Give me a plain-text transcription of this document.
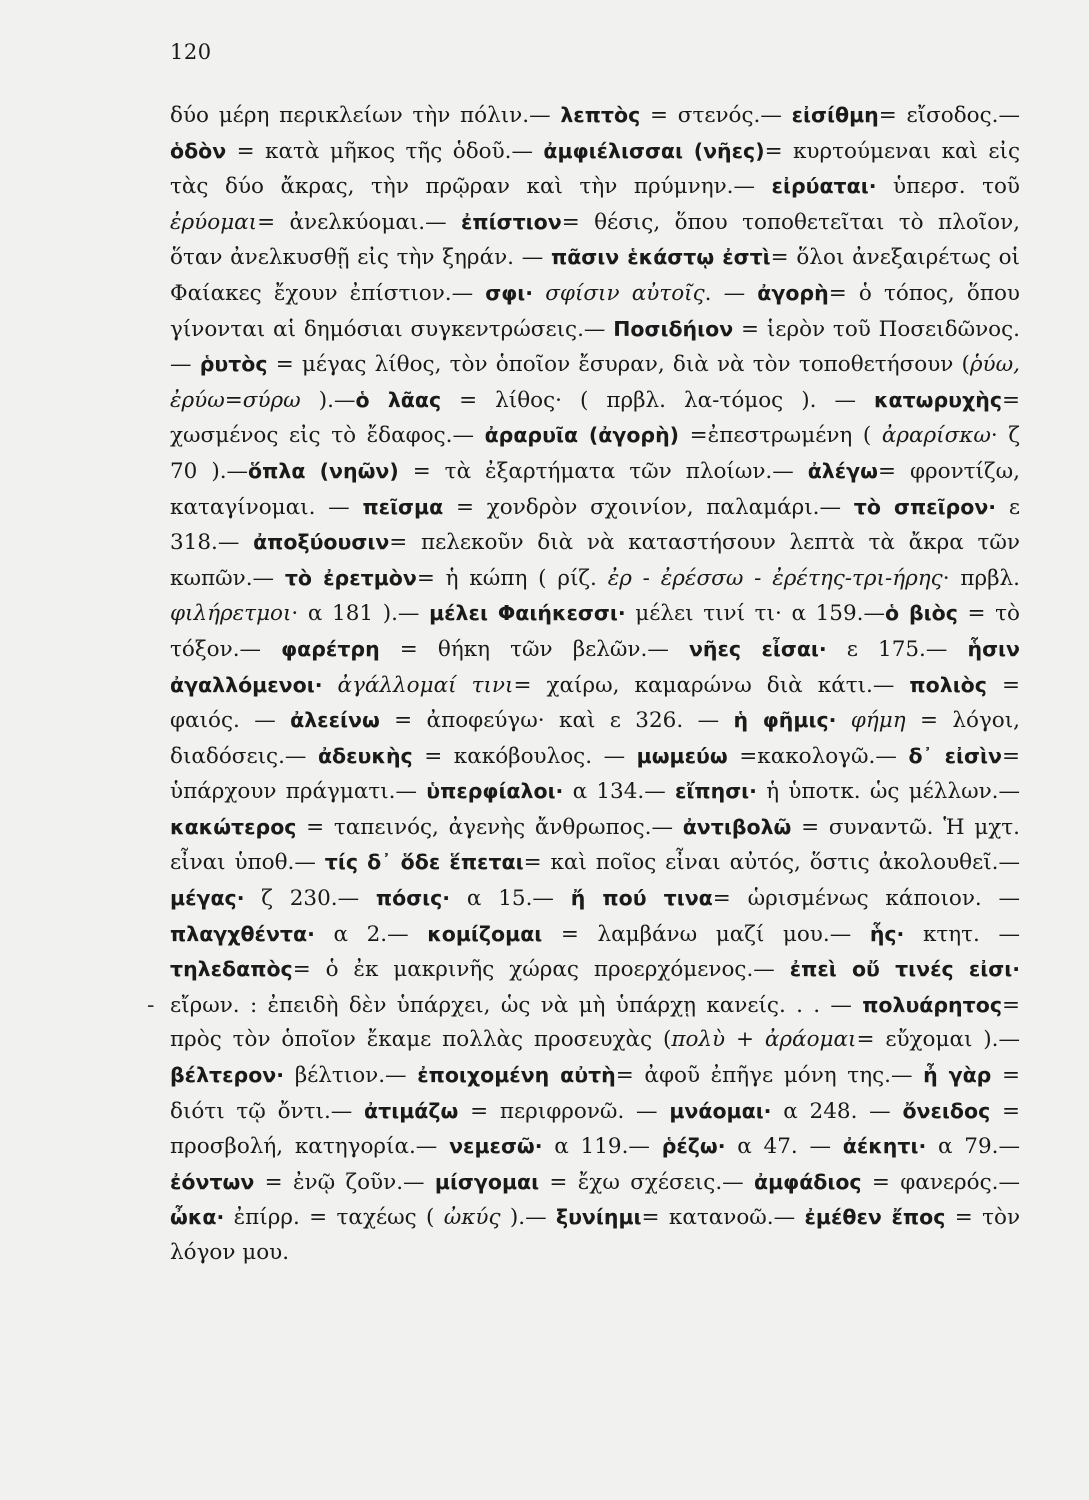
120
-

δύο μέρη περικλείων τὴν πόλιν.— λεπτὸς = στενός.— εἰσίθμη= εἴσοδος.— ὁδὸν = κατὰ μῆκος τῆς ὁδοῦ.— ἀμφιέλισσαι (νῆες)= κυρτούμεναι καὶ εἰς τὰς δύο ἄκρας, τὴν πρῷραν καὶ τὴν πρύμνην.— εἰρύαται· ὑπερσ. τοῦ ἐρύομαι= ἀνελκύομαι.— ἐπίστιον= θέσις, ὅπου τοποθετεῖται τὸ πλοῖον, ὅταν ἀνελκυσθῇ εἰς τὴν ξηράν. — πᾶσιν ἑκάστῳ ἐστὶ= ὅλοι ἀνεξαιρέτως οἱ Φαίακες ἔχουν ἐπίστιον.— σφι· σφίσιν αὐτοῖς. — ἀγορὴ= ὁ τόπος, ὅπου γίνονται αἱ δημόσιαι συγκεντρώσεις.— Ποσιδήιον = ἱερὸν τοῦ Ποσειδῶνος. — ῥυτὸς = μέγας λίθος, τὸν ὁποῖον ἔσυραν, διὰ νὰ τὸν τοποθετήσουν (ῥύω, ἐρύω=σύρω ).—ὁ λᾶας = λίθος· ( πρβλ. λα-τόμος ). — κατωρυχὴς= χωσμένος εἰς τὸ ἔδαφος.— ἀραρυῖα (ἀγορὴ) =ἐπεστρωμένη ( ἀραρίσκω· ζ 70 ).—ὅπλα (νηῶν) = τὰ ἐξαρτήματα τῶν πλοίων.— ἀλέγω= φροντίζω, καταγίνομαι. — πεῖσμα = χονδρὸν σχοινίον, παλαμάρι.— τὸ σπεῖρον· ε 318.— ἀποξύουσιν= πελεκοῦν διὰ νὰ καταστήσουν λεπτὰ τὰ ἄκρα τῶν κωπῶν.— τὸ ἐρετμὸν= ἡ κώπη ( ρίζ. ἐρ - ἐρέσσω - ἐρέτης-τρι-ήρης· πρβλ. φιλήρετμοι· α 181 ).— μέλει Φαιήκεσσι· μέλει τινί τι· α 159.—ὁ βιὸς = τὸ τόξον.— φαρέτρη = θήκη τῶν βελῶν.— νῆες εἶσαι· ε 175.— ἧσιν ἀγαλλόμενοι· ἀγάλλομαί τινι= χαίρω, καμαρώνω διὰ κάτι.— πολιὸς = φαιός. — ἀλεείνω = ἀποφεύγω· καὶ ε 326. — ἡ φῆμις· φήμη = λόγοι, διαδόσεις.— ἀδευκὴς = κακόβουλος. — μωμεύω =κακολογῶ.— δ᾽ εἰσὶν= ὑπάρχουν πράγματι.— ὑπερφίαλοι· α 134.— εἴπησι· ἡ ὑποτκ. ὡς μέλλων.— κακώτερος = ταπεινός, ἀγενὴς ἄνθρωπος.— ἀντιβολῶ = συναντῶ. Ἡ μχτ. εἶναι ὑποθ.— τίς δ᾽ ὅδε ἕπεται= καὶ ποῖος εἶναι αὐτός, ὅστις ἀκολουθεῖ.—μέγας· ζ 230.— πόσις· α 15.— ἤ πού τινα= ὡρισμένως κάποιον. — πλαγχθέντα· α 2.— κομίζομαι = λαμβάνω μαζί μου.— ἧς· κτητ. — τηλεδαπὸς= ὁ ἐκ μακρινῆς χώρας προερχόμενος.— ἐπεὶ οὔ τινές εἰσι· εἴρων. : ἐπειδὴ δὲν ὑπάρχει, ὡς νὰ μὴ ὑπάρχῃ κανείς. . . — πολυάρητος= πρὸς τὸν ὁποῖον ἔκαμε πολλὰς προσευχὰς (πολὺ + ἀράομαι= εὔχομαι ).— βέλτερον· βέλτιον.— ἐποιχομένη αὐτὴ= ἀφοῦ ἐπῆγε μόνη της.— ἦ γὰρ = διότι τῷ ὄντι.— ἀτιμάζω = περιφρονῶ. — μνάομαι· α 248. — ὄνειδος = προσβολή, κατηγορία.— νεμεσῶ· α 119.— ῥέζω· α 47. — ἀέκητι· α 79.— ἐόντων = ἐνῷ ζοῦν.— μίσγομαι = ἔχω σχέσεις.— ἀμφάδιος = φανερός.— ὦκα· ἐπίρρ. = ταχέως ( ὠκύς ).— ξυνίημι= κατανοῶ.— ἐμέθεν ἔπος = τὸν λόγον μου.
